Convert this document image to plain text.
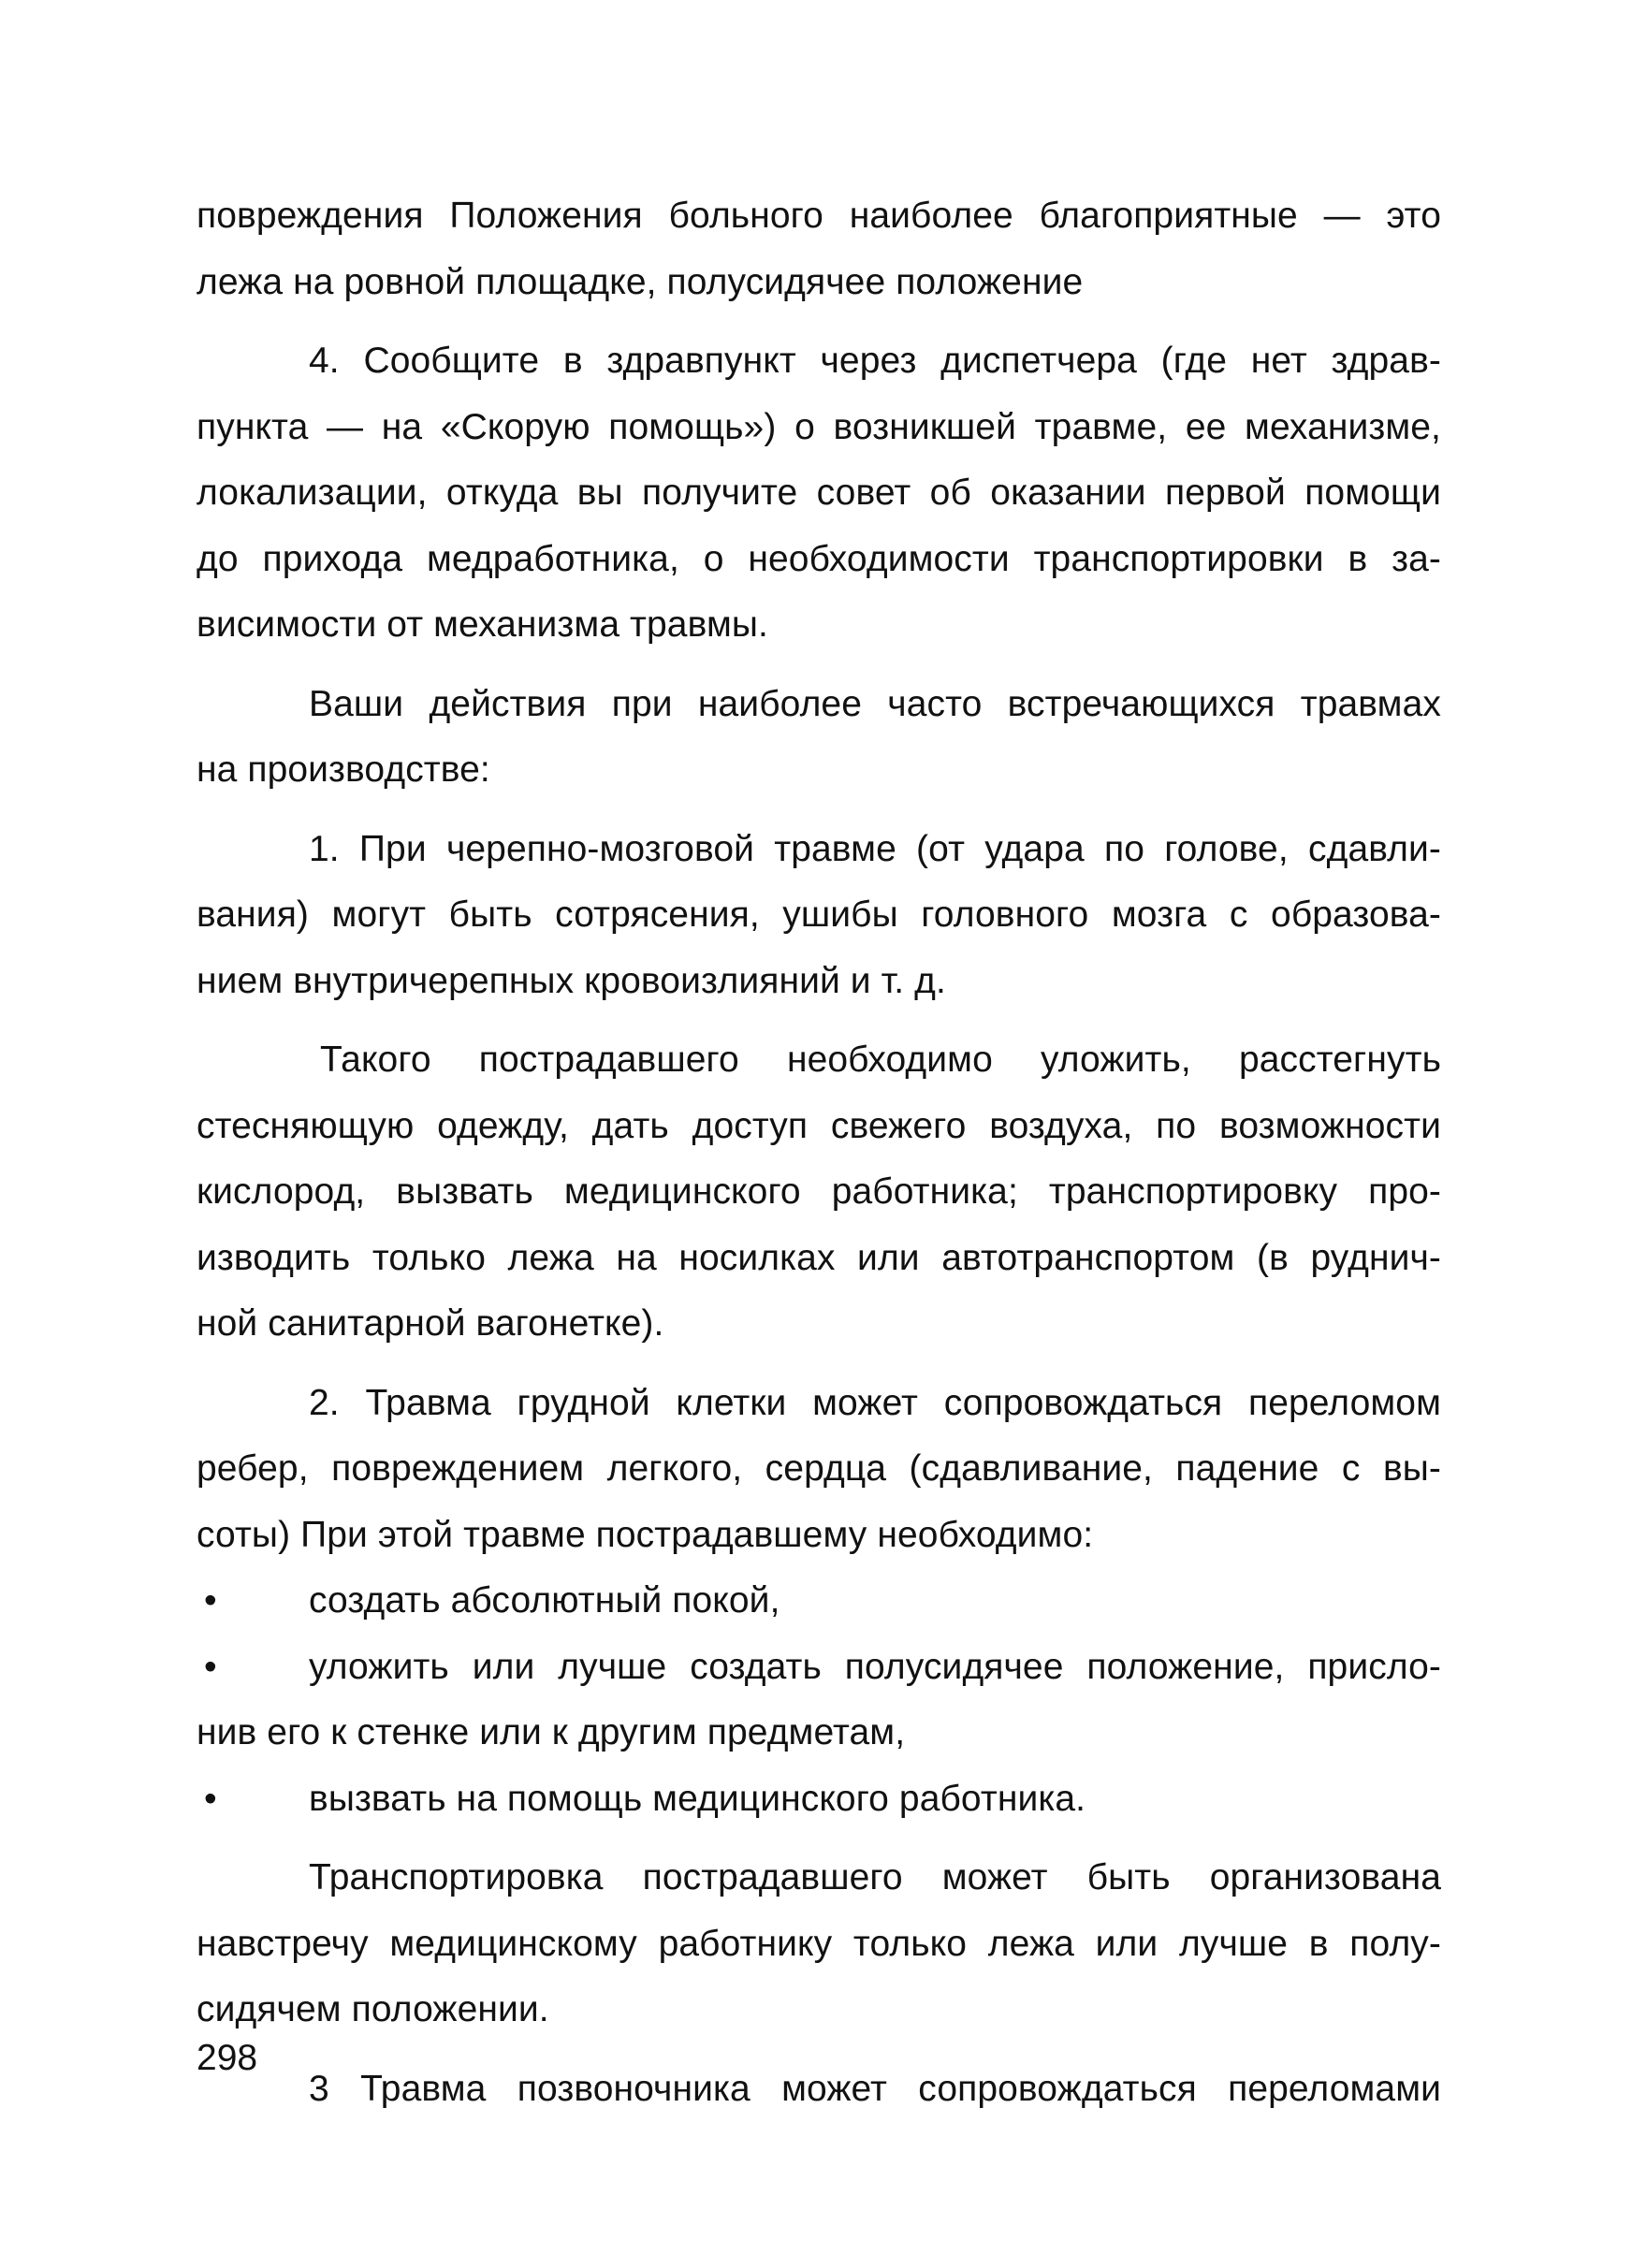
повреждения Положения больного наиболее благоприятные — это
лежа на ровной площадке, полусидячее положение

4. Сообщите в здравпункт через диспетчера (где нет здрав-
пункта — на «Скорую помощь») о возникшей травме, ее механизме,
локализации, откуда вы получите совет об оказании первой помощи
до прихода медработника, о необходимости транспортировки в за-
висимости от механизма травмы.

Ваши действия при наиболее часто встречающихся травмах
на производстве:

1. При черепно-мозговой травме (от удара по голове, сдавли-
вания) могут быть сотрясения, ушибы головного мозга с образова-
нием внутричерепных кровоизлияний и т. д.

Такого пострадавшего необходимо уложить, расстегнуть
стесняющую одежду, дать доступ свежего воздуха, по возможности
кислород, вызвать медицинского работника; транспортировку про-
изводить только лежа на носилках или автотранспортом (в руднич-
ной санитарной вагонетке).

2. Травма грудной клетки может сопровождаться переломом
ребер, повреждением легкого, сердца (сдавливание, падение с вы-
соты) При этой травме пострадавшему необходимо:

•	создать абсолютный покой,
•	уложить или лучше создать полусидячее положение, присло-
нив его к стенке или к другим предметам,
•	вызвать на помощь медицинского работника.

Транспортировка пострадавшего может быть организована
навстречу медицинскому работнику только лежа или лучше в полу-
сидячем положении.

3 Травма позвоночника может сопровождаться переломами

298
